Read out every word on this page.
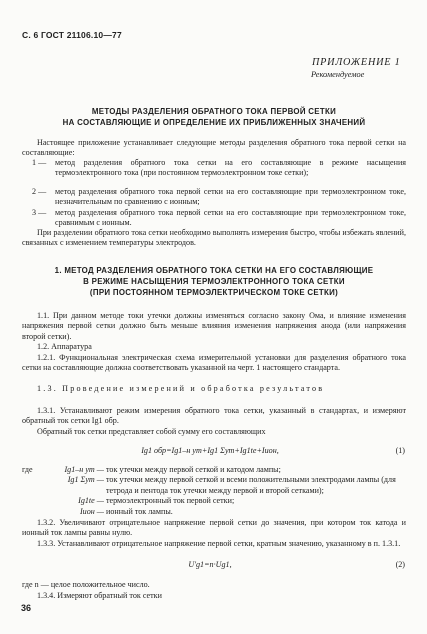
С. 6 ГОСТ 21106.10—77
ПРИЛОЖЕНИЕ 1
Рекомендуемое
МЕТОДЫ РАЗДЕЛЕНИЯ ОБРАТНОГО ТОКА ПЕРВОЙ СЕТКИ
НА СОСТАВЛЯЮЩИЕ И ОПРЕДЕЛЕНИЕ ИХ ПРИБЛИЖЕННЫХ ЗНАЧЕНИЙ
Настоящее приложение устанавливает следующие методы разделения обратного тока первой сетки на составляющие:
1 —	метод разделения обратного тока сетки на его составляющие в режиме насыщения термоэлектронного тока (при постоянном термоэлектронном токе сетки);
2 —	метод разделения обратного тока первой сетки на его составляющие при термоэлектронном токе, незначительным по сравнению с ионным;
3 —	метод разделения обратного тока первой сетки на его составляющие при термоэлектронном токе, сравнимым с ионным.
При разделении обратного тока сетки необходимо выполнять измерения быстро, чтобы избежать явлений, связанных с изменением температуры электродов.
1. МЕТОД РАЗДЕЛЕНИЯ ОБРАТНОГО ТОКА СЕТКИ НА ЕГО СОСТАВЛЯЮЩИЕ
В РЕЖИМЕ НАСЫЩЕНИЯ ТЕРМОЭЛЕКТРОННОГО ТОКА СЕТКИ
(ПРИ ПОСТОЯННОМ ТЕРМОЭЛЕКТРИЧЕСКОМ ТОКЕ СЕТКИ)
1.1. При данном методе токи утечки должны изменяться согласно закону Ома, и влияние изменения напряжения первой сетки должно быть меньше влияния изменения напряжения анода (или напряжения второй сетки).
1.2. Аппаратура
1.2.1. Функциональная электрическая схема измерительной установки для разделения обратного тока сетки на составляющие должна соответствовать указанной на черт. 1 настоящего стандарта.
1.3. Проведение измерений и обработка результатов
1.3.1. Устанавливают режим измерения обратного тока сетки, указанный в стандартах, и измеряют обратный ток сетки Ig1 обр.
Обратный ток сетки представляет собой сумму его составляющих
Ig1 обр=Ig1–н ут+Ig1 Σут+Ig1te+Iион,	(1)
где	Ig1–н ут — ток утечки между первой сеткой и катодом лампы;
Ig1 Σут — ток утечки между первой сеткой и всеми положительными электродами лампы (для тетрода и пентода ток утечки между первой и второй сетками);
Ig1te — термоэлектронный ток первой сетки;
Iион — ионный ток лампы.
1.3.2. Увеличивают отрицательное напряжение первой сетки до значения, при котором ток катода и ионный ток лампы равны нулю.
1.3.3. Устанавливают отрицательное напряжение первой сетки, кратным значению, указанному в п. 1.3.1.
U′g1=n·Ug1,	(2)
где n — целое положительное число.
1.3.4. Измеряют обратный ток сетки
36
